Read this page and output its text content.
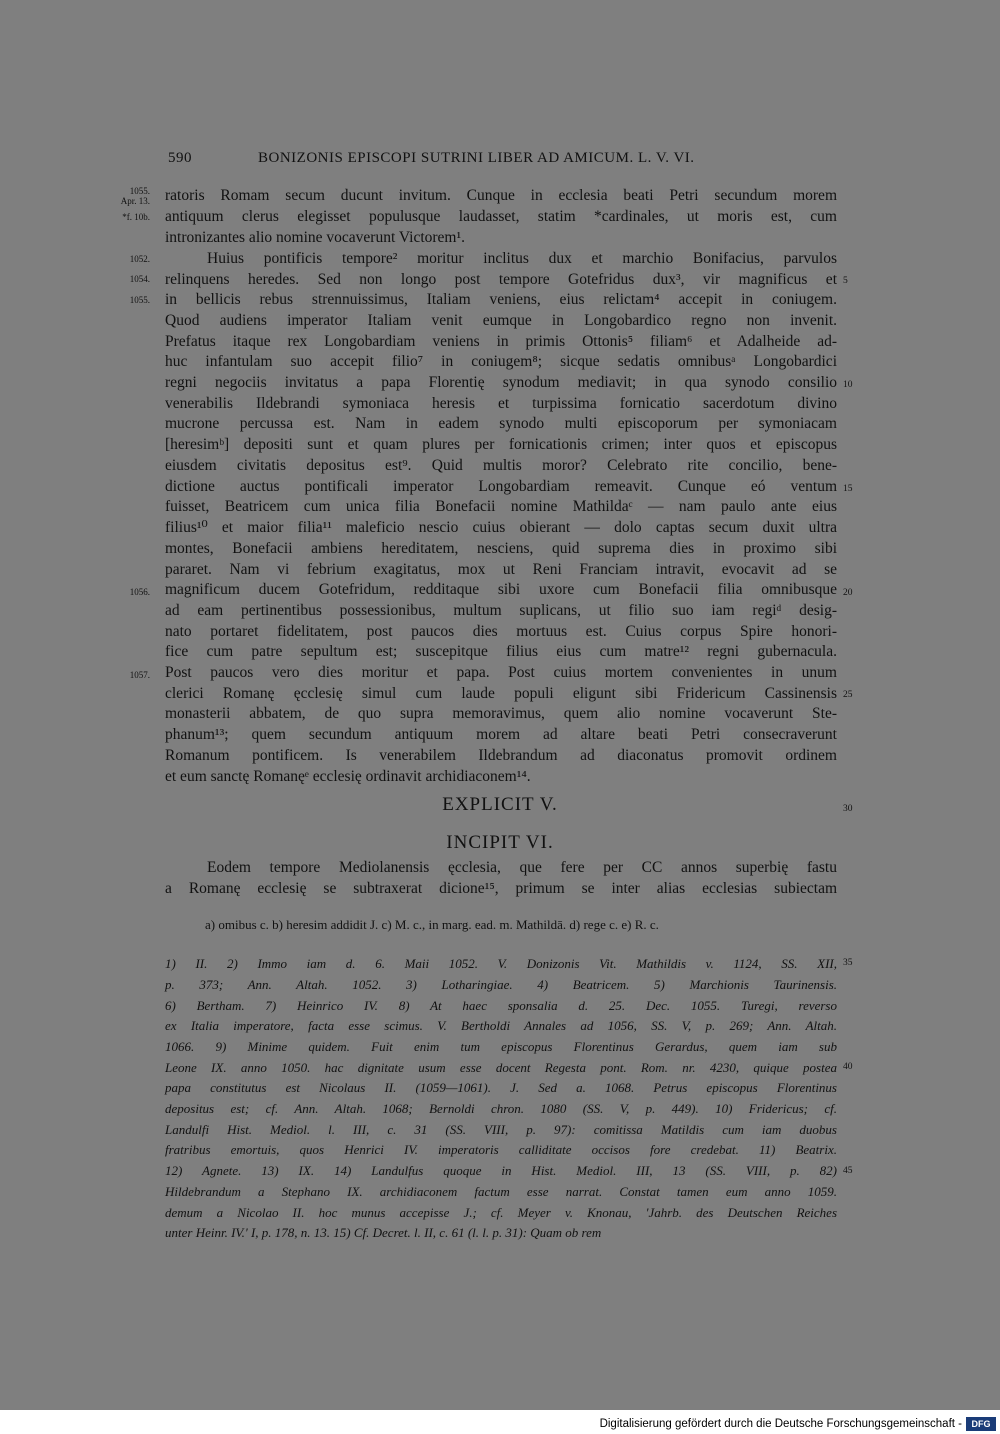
590	BONIZONIS EPISCOPI SUTRINI LIBER AD AMICUM. L. V. VI.
1055.
Apr. 13.
*f. 10b.
1052.
1054.
1055.
1056.
1057.
5
10
15
20
25
30
35
40
45
ratoris Romam secum ducunt invitum. Cunque in ecclesia beati Petri secundum morem
antiquum clerus elegisset populusque laudasset, statim *cardinales, ut moris est, cum
intronizantes alio nomine vocaverunt Victorem¹.
Huius pontificis tempore² moritur inclitus dux et marchio Bonifacius, parvulos
relinquens heredes. Sed non longo post tempore Gotefridus dux³, vir magnificus et
in bellicis rebus strennuissimus, Italiam veniens, eius relictam⁴ accepit in coniugem.
Quod audiens imperator Italiam venit eumque in Longobardico regno non invenit.
Prefatus itaque rex Longobardiam veniens in primis Ottonis⁵ filiam⁶ et Adalheide ad-
huc infantulam suo accepit filio⁷ in coniugem⁸; sicque sedatis omnibusᵃ Longobardici
regni negociis invitatus a papa Florentię synodum mediavit; in qua synodo consilio
venerabilis Ildebrandi symoniaca heresis et turpissima fornicatio sacerdotum divino
mucrone percussa est. Nam in eadem synodo multi episcoporum per symoniacam
[heresimᵇ] depositi sunt et quam plures per fornicationis crimen; inter quos et episcopus
eiusdem civitatis depositus est⁹. Quid multis moror? Celebrato rite concilio, bene-
dictione auctus pontificali imperator Longobardiam remeavit. Cunque eó ventum
fuisset, Beatricem cum unica filia Bonefacii nomine Mathildaᶜ — nam paulo ante eius
filius¹⁰ et maior filia¹¹ maleficio nescio cuius obierant — dolo captas secum duxit ultra
montes, Bonefacii ambiens hereditatem, nesciens, quid suprema dies in proximo sibi
pararet. Nam vi febrium exagitatus, mox ut Reni Franciam intravit, evocavit ad se
magnificum ducem Gotefridum, redditaque sibi uxore cum Bonefacii filia omnibusque
ad eam pertinentibus possessionibus, multum suplicans, ut filio suo iam regiᵈ desig-
nato portaret fidelitatem, post paucos dies mortuus est. Cuius corpus Spire honori-
fice cum patre sepultum est; suscepitque filius eius cum matre¹² regni gubernacula.
Post paucos vero dies moritur et papa. Post cuius mortem convenientes in unum
clerici Romanę ęcclesię simul cum laude populi eligunt sibi Fridericum Cassinensis
monasterii abbatem, de quo supra memoravimus, quem alio nomine vocaverunt Ste-
phanum¹³; quem secundum antiquum morem ad altare beati Petri consecraverunt
Romanum pontificem. Is venerabilem Ildebrandum ad diaconatus promovit ordinem
et eum sanctę Romanęᵉ ecclesię ordinavit archidiaconem¹⁴.
EXPLICIT V.
INCIPIT VI.
Eodem tempore Mediolanensis ęcclesia, que fere per CC annos superbię fastu
a Romanę ecclesię se subtraxerat dicione¹⁵, primum se inter alias ecclesias subiectam
a) omibus c. b) heresim addidit J. c) M. c., in marg. ead. m. Mathildā. d) rege c. e) R. c.
1) II. 2) Immo iam d. 6. Maii 1052. V. Donizonis Vit. Mathildis v. 1124, SS. XII,
p. 373; Ann. Altah. 1052. 3) Lotharingiae. 4) Beatricem. 5) Marchionis Taurinensis.
6) Bertham. 7) Heinrico IV. 8) At haec sponsalia d. 25. Dec. 1055. Turegi, reverso
ex Italia imperatore, facta esse scimus. V. Bertholdi Annales ad 1056, SS. V, p. 269; Ann. Altah.
1066. 9) Minime quidem. Fuit enim tum episcopus Florentinus Gerardus, quem iam sub
Leone IX. anno 1050. hac dignitate usum esse docent Regesta pont. Rom. nr. 4230, quique postea
papa constitutus est Nicolaus II. (1059—1061). J. Sed a. 1068. Petrus episcopus Florentinus
depositus est; cf. Ann. Altah. 1068; Bernoldi chron. 1080 (SS. V, p. 449). 10) Fridericus; cf.
Landulfi Hist. Mediol. l. III, c. 31 (SS. VIII, p. 97): comitissa Matildis cum iam duobus
fratribus emortuis, quos Henrici IV. imperatoris calliditate occisos fore credebat. 11) Beatrix.
12) Agnete. 13) IX. 14) Landulfus quoque in Hist. Mediol. III, 13 (SS. VIII, p. 82)
Hildebrandum a Stephano IX. archidiaconem factum esse narrat. Constat tamen eum anno 1059.
demum a Nicolao II. hoc munus accepisse J.; cf. Meyer v. Knonau, 'Jahrb. des Deutschen Reiches
unter Heinr. IV.' I, p. 178, n. 13. 15) Cf. Decret. l. II, c. 61 (l. l. p. 31): Quam ob rem
Digitalisierung gefördert durch die Deutsche Forschungsgemeinschaft -	DFG
